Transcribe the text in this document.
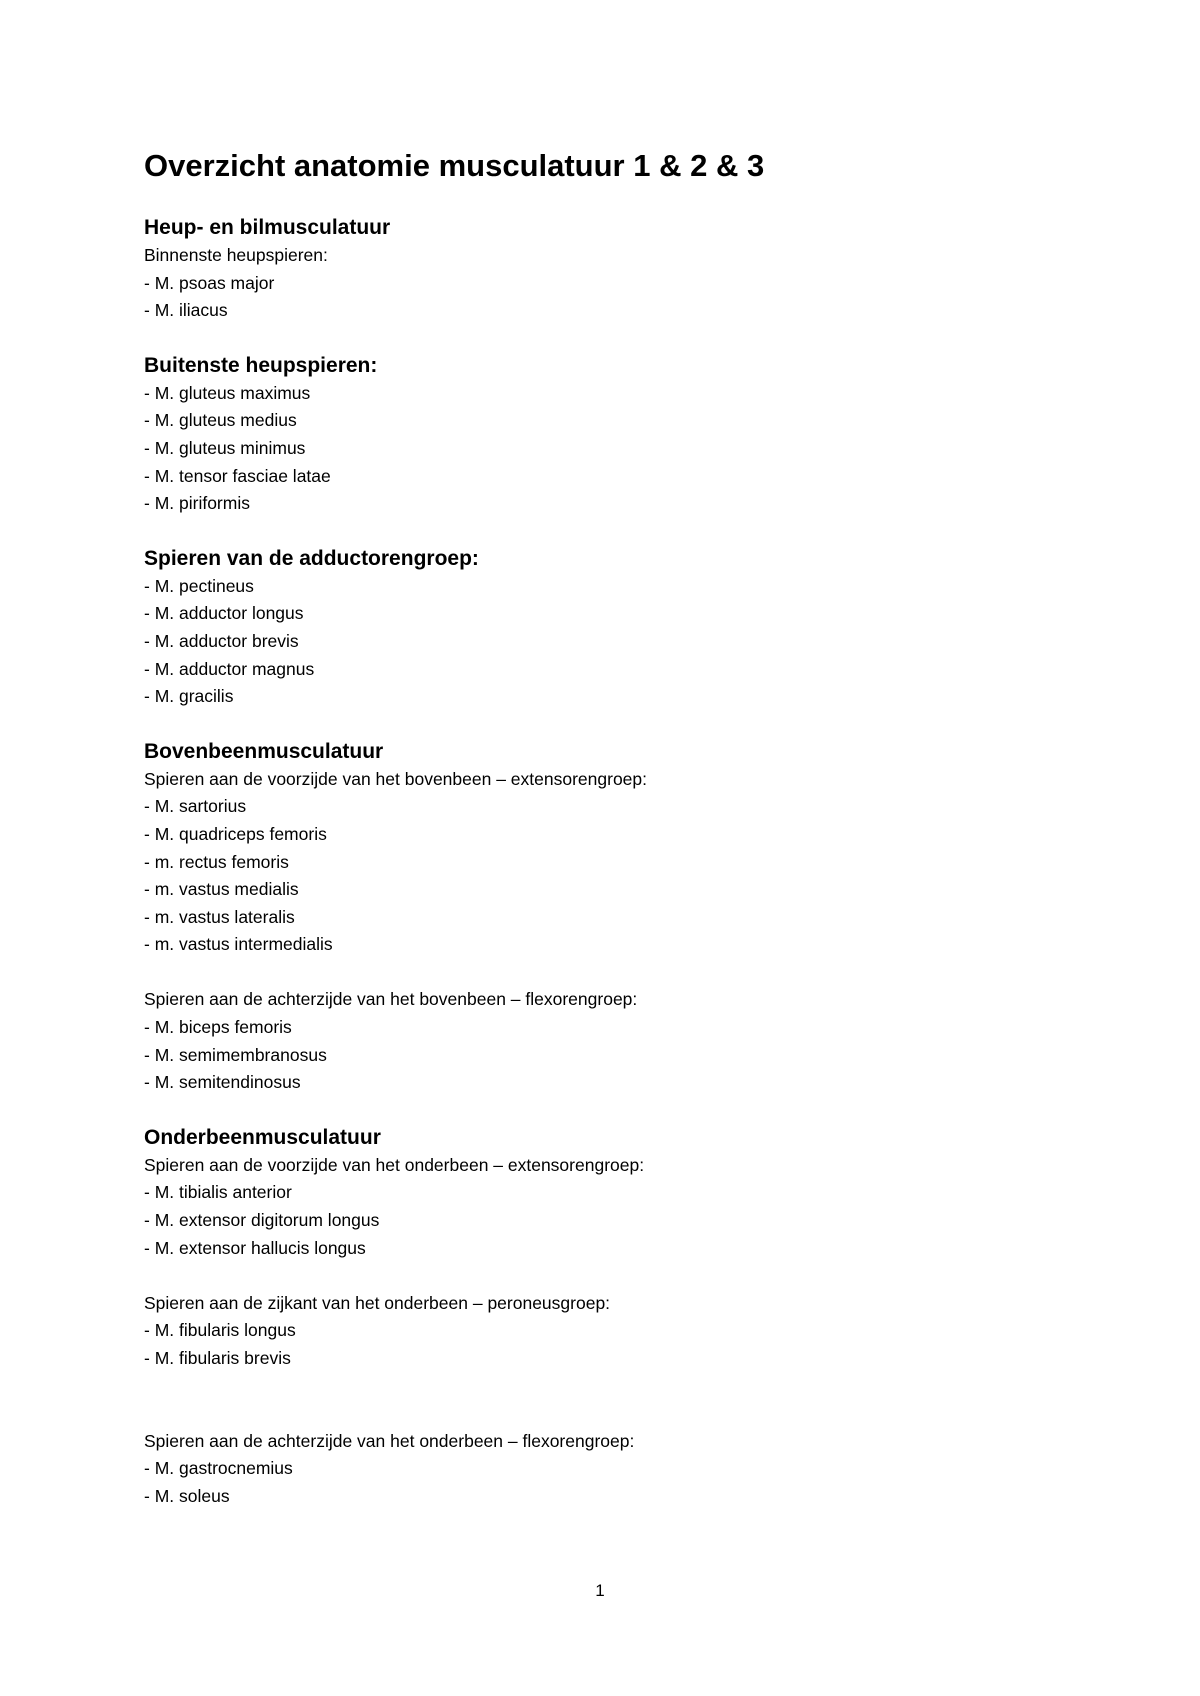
Overzicht anatomie musculatuur 1 & 2 & 3
Heup- en bilmusculatuur

Binnenste heupspieren:

- M. psoas major
- M. iliacus
Buitenste heupspieren:
- M. gluteus maximus
- M. gluteus medius
- M. gluteus minimus
- M. tensor fasciae latae
- M. piriformis
Spieren van de adductorengroep:
- M. pectineus
- M. adductor longus
- M. adductor brevis
- M. adductor magnus
- M. gracilis
Bovenbeenmusculatuur

Spieren aan de voorzijde van het bovenbeen – extensorengroep:

- M. sartorius
- M. quadriceps femoris
- m. rectus femoris
- m. vastus medialis
- m. vastus lateralis
- m. vastus intermedialis

Spieren aan de achterzijde van het bovenbeen – flexorengroep:

- M. biceps femoris
- M. semimembranosus
- M. semitendinosus
Onderbeenmusculatuur

Spieren aan de voorzijde van het onderbeen – extensorengroep:

- M. tibialis anterior
- M. extensor digitorum longus
- M. extensor hallucis longus

Spieren aan de zijkant van het onderbeen – peroneusgroep:

- M. fibularis longus
- M. fibularis brevis

Spieren aan de achterzijde van het onderbeen – flexorengroep:

- M. gastrocnemius
- M. soleus
1
